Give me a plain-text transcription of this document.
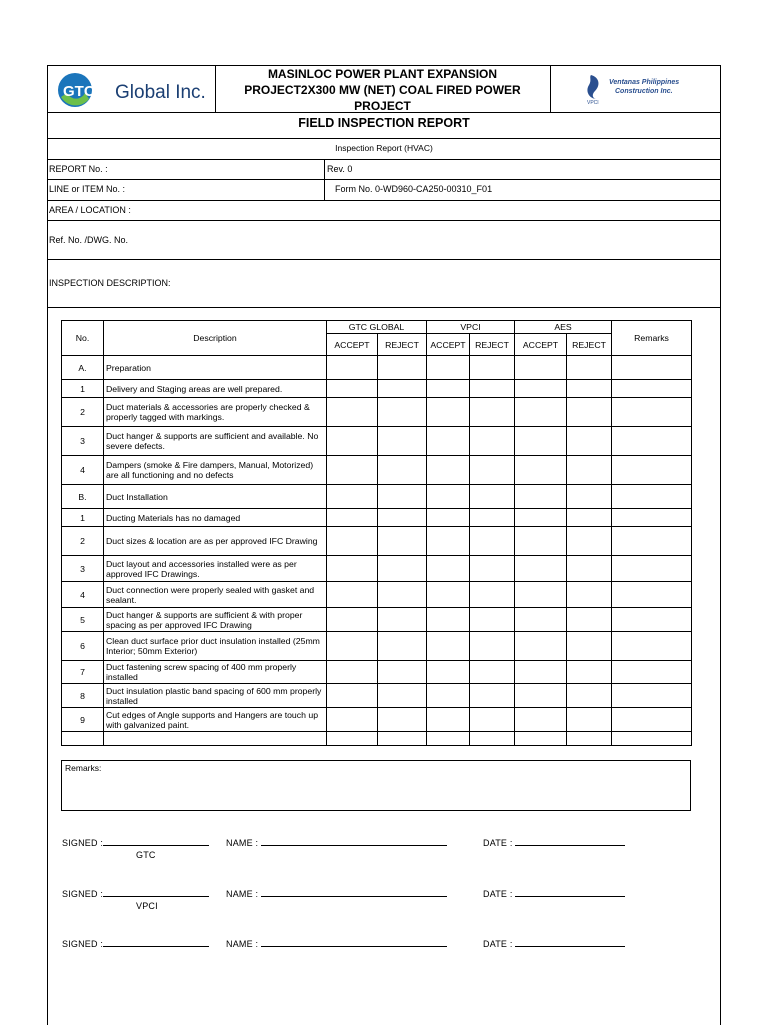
GTC Global Inc.
MASINLOC POWER PLANT EXPANSION
PROJECT2X300 MW (NET) COAL FIRED POWER
PROJECT	VPCI
Ventanas Philippines
Construction Inc.
FIELD INSPECTION REPORT
Inspection Report (HVAC)
REPORT No. :	Rev. 0
LINE or ITEM No. :	Form No. 0-WD960-CA250-00310_F01
AREA / LOCATION :
Ref. No. /DWG. No.
INSPECTION DESCRIPTION:
No.	Description	GTC GLOBAL		VPCI		AES		Remarks
		ACCEPT	REJECT	ACCEPT	REJECT	ACCEPT	REJECT	
A.	Preparation							
1	Delivery and Staging areas are well prepared.							
2	Duct materials & accessories are properly checked & properly tagged with markings.							
3	Duct hanger & supports are sufficient and available. No severe defects.							
4	Dampers (smoke & Fire dampers, Manual, Motorized) are all functioning and no defects							
B.	Duct Installation							
1	Ducting Materials has no damaged							
2	Duct sizes & location are as per approved IFC Drawing							
3	Duct layout and accessories installed were as per approved IFC Drawings.							
4	Duct connection were properly sealed with gasket and sealant.							
5	Duct hanger & supports are sufficient & with proper spacing as per approved IFC Drawing							
6	Clean duct surface prior duct insulation installed (25mm Interior; 50mm Exterior)							
7	Duct fastening screw spacing of 400 mm properly installed							
8	Duct insulation plastic band spacing of 600 mm properly installed							
9	Cut edges of Angle supports and Hangers are touch up with galvanized paint.							

Remarks:
SIGNED :	NAME :	DATE :
GTC
SIGNED :	NAME :	DATE :
VPCI
SIGNED :	NAME :	DATE :
